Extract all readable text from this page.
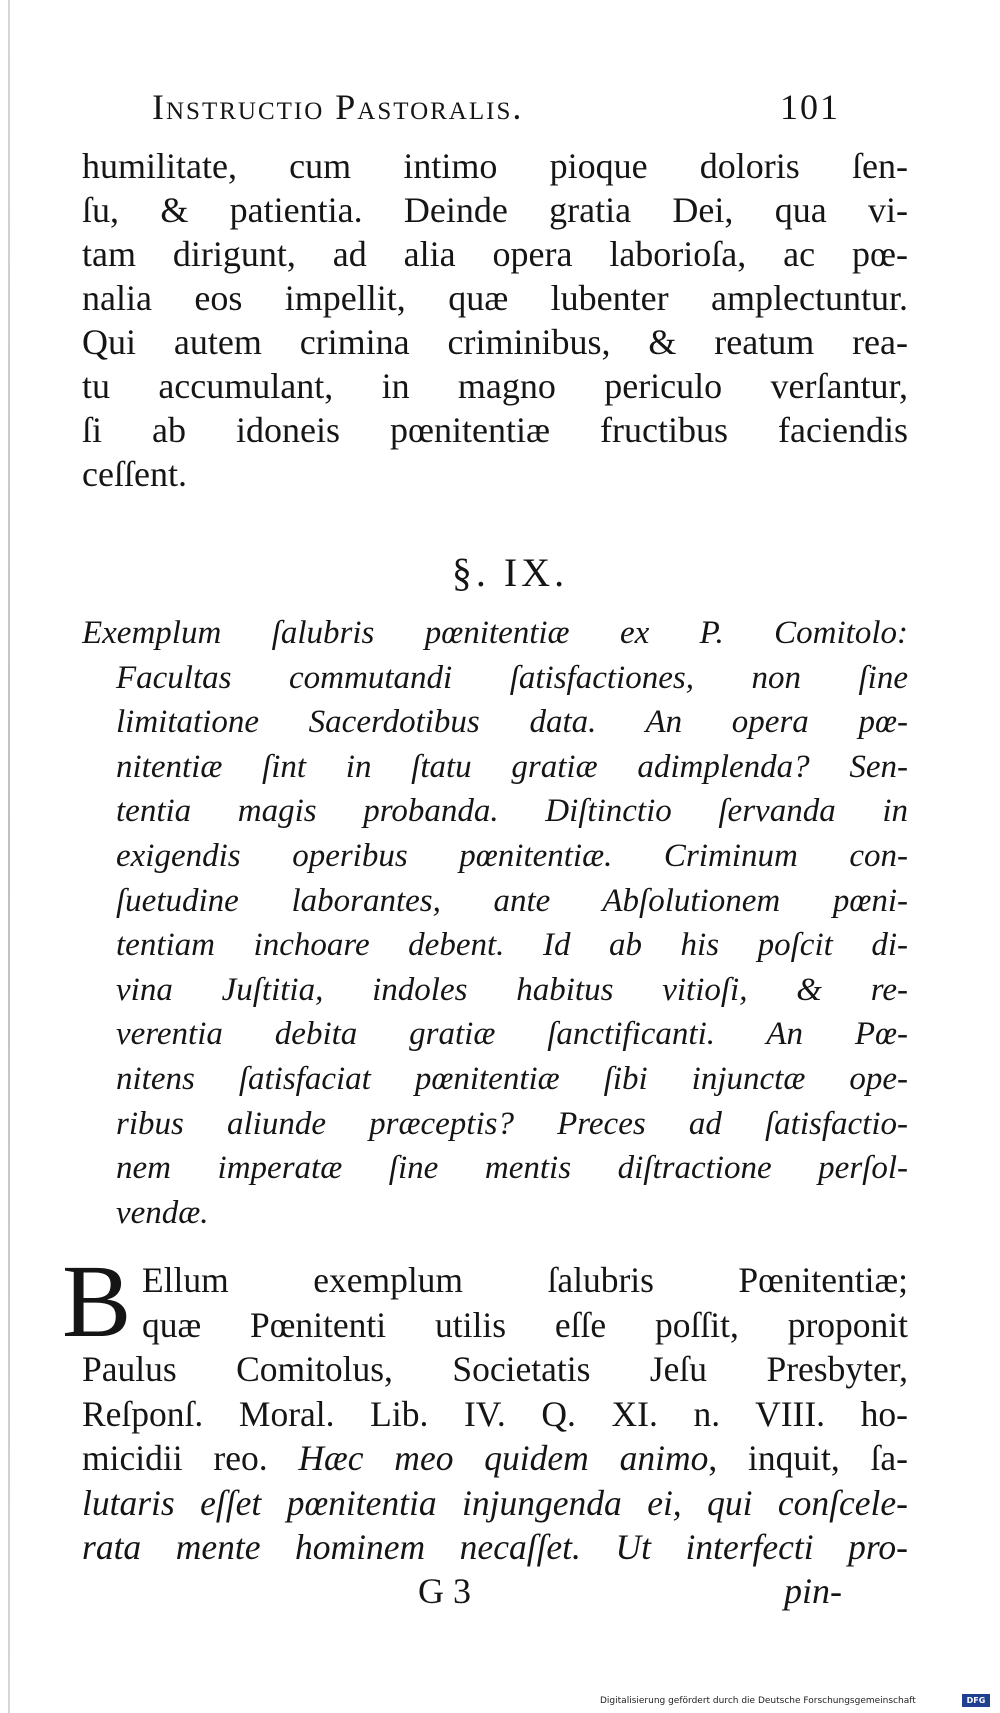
Instructio Pastoralis.	101
humilitate, cum intimo pioque doloris ſen-
ſu, & patientia. Deinde gratia Dei, qua vi-
tam dirigunt, ad alia opera laborioſa, ac pœ-
nalia eos impellit, quæ lubenter amplectuntur.
Qui autem crimina criminibus, & reatum rea-
tu accumulant, in magno periculo verſantur,
ſi ab idoneis pœnitentiæ fructibus faciendis
ceſſent.
§. IX.
Exemplum ſalubris pœnitentiæ ex P. Comitolo:
Facultas commutandi ſatisfactiones, non ſine
limitatione Sacerdotibus data. An opera pœ-
nitentiæ ſint in ſtatu gratiæ adimplenda? Sen-
tentia magis probanda. Diſtinctio ſervanda in
exigendis operibus pœnitentiæ. Criminum con-
ſuetudine laborantes, ante Abſolutionem pœni-
tentiam inchoare debent. Id ab his poſcit di-
vina Juſtitia, indoles habitus vitioſi, & re-
verentia debita gratiæ ſanctificanti. An Pœ-
nitens ſatisfaciat pœnitentiæ ſibi injunctæ ope-
ribus aliunde præceptis? Preces ad ſatisfactio-
nem imperatæ ſine mentis diſtractione perſol-
vendæ.
B Ellum exemplum ſalubris Pœnitentiæ;
quæ Pœnitenti utilis eſſe poſſit, proponit
Paulus Comitolus, Societatis Jeſu Presbyter,
Reſponſ. Moral. Lib. IV. Q. XI. n. VIII. ho-
micidii reo. Hæc meo quidem animo, inquit, ſa-
lutaris eſſet pœnitentia injungenda ei, qui conſcele-
rata mente hominem necaſſet. Ut interfecti pro-
G 3	pin-
Digitalisierung gefördert durch die Deutsche Forschungsgemeinschaft	DFG
